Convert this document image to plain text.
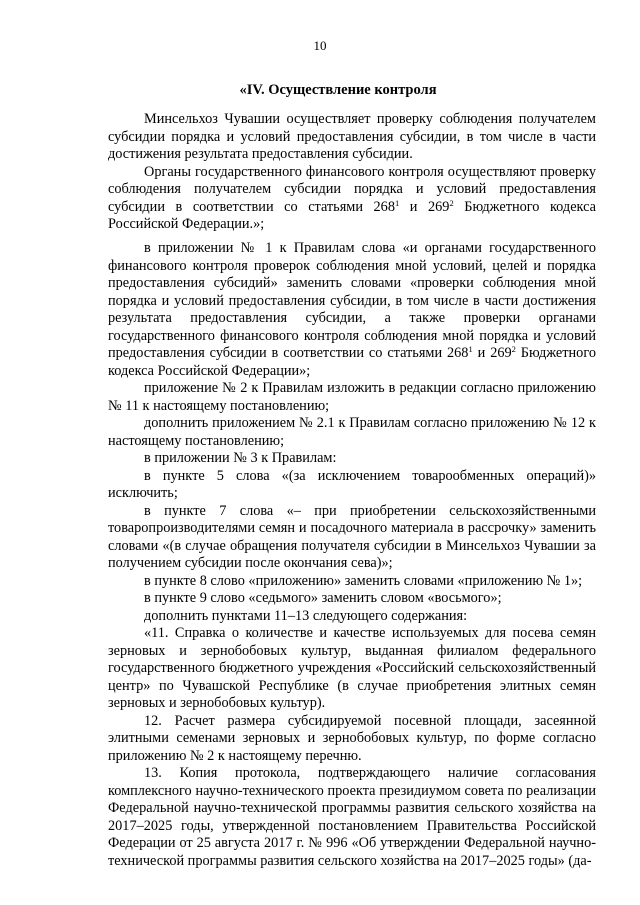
10
«IV. Осуществление контроля

Минсельхоз Чувашии осуществляет проверку соблюдения получателем субсидии порядка и условий предоставления субсидии, в том числе в части достижения результата предоставления субсидии.

Органы государственного финансового контроля осуществляют проверку соблюдения получателем субсидии порядка и условий предоставления субсидии в соответствии со статьями $268^1$ и $269^2$ Бюджетного кодекса Российской Федерации.»;

в приложении № 1 к Правилам слова «и органами государственного финансового контроля проверок соблюдения мной условий, целей и порядка предоставления субсидий» заменить словами «проверки соблюдения мной порядка и условий предоставления субсидии, в том числе в части достижения результата предоставления субсидии, а также проверки органами государственного финансового контроля соблюдения мной порядка и условий предоставления субсидии в соответствии со статьями $268^1$ и $269^2$ Бюджетного кодекса Российской Федерации»;

приложение № 2 к Правилам изложить в редакции согласно приложению № 11 к настоящему постановлению;

дополнить приложением № 2.1 к Правилам согласно приложению № 12 к настоящему постановлению;

в приложении № 3 к Правилам:

в пункте 5 слова «(за исключением товарообменных операций)» исключить;

в пункте 7 слова «– при приобретении сельскохозяйственными товаропроизводителями семян и посадочного материала в рассрочку» заменить словами «(в случае обращения получателя субсидии в Минсельхоз Чувашии за получением субсидии после окончания сева)»;

в пункте 8 слово «приложению» заменить словами «приложению № 1»;

в пункте 9 слово «седьмого» заменить словом «восьмого»;

дополнить пунктами 11–13 следующего содержания:

«11. Справка о количестве и качестве используемых для посева семян зерновых и зернобобовых культур, выданная филиалом федерального государственного бюджетного учреждения «Российский сельскохозяйственный центр» по Чувашской Республике (в случае приобретения элитных семян зерновых и зернобобовых культур).

12. Расчет размера субсидируемой посевной площади, засеянной элитными семенами зерновых и зернобобовых культур, по форме согласно приложению № 2 к настоящему перечню.

13. Копия протокола, подтверждающего наличие согласования комплексного научно-технического проекта президиумом совета по реализации Федеральной научно-технической программы развития сельского хозяйства на 2017–2025 годы, утвержденной постановлением Правительства Российской Федерации от 25 августа 2017 г. № 996 «Об утверждении Федеральной научно-технической программы развития сельского хозяйства на 2017–2025 годы» (да-
